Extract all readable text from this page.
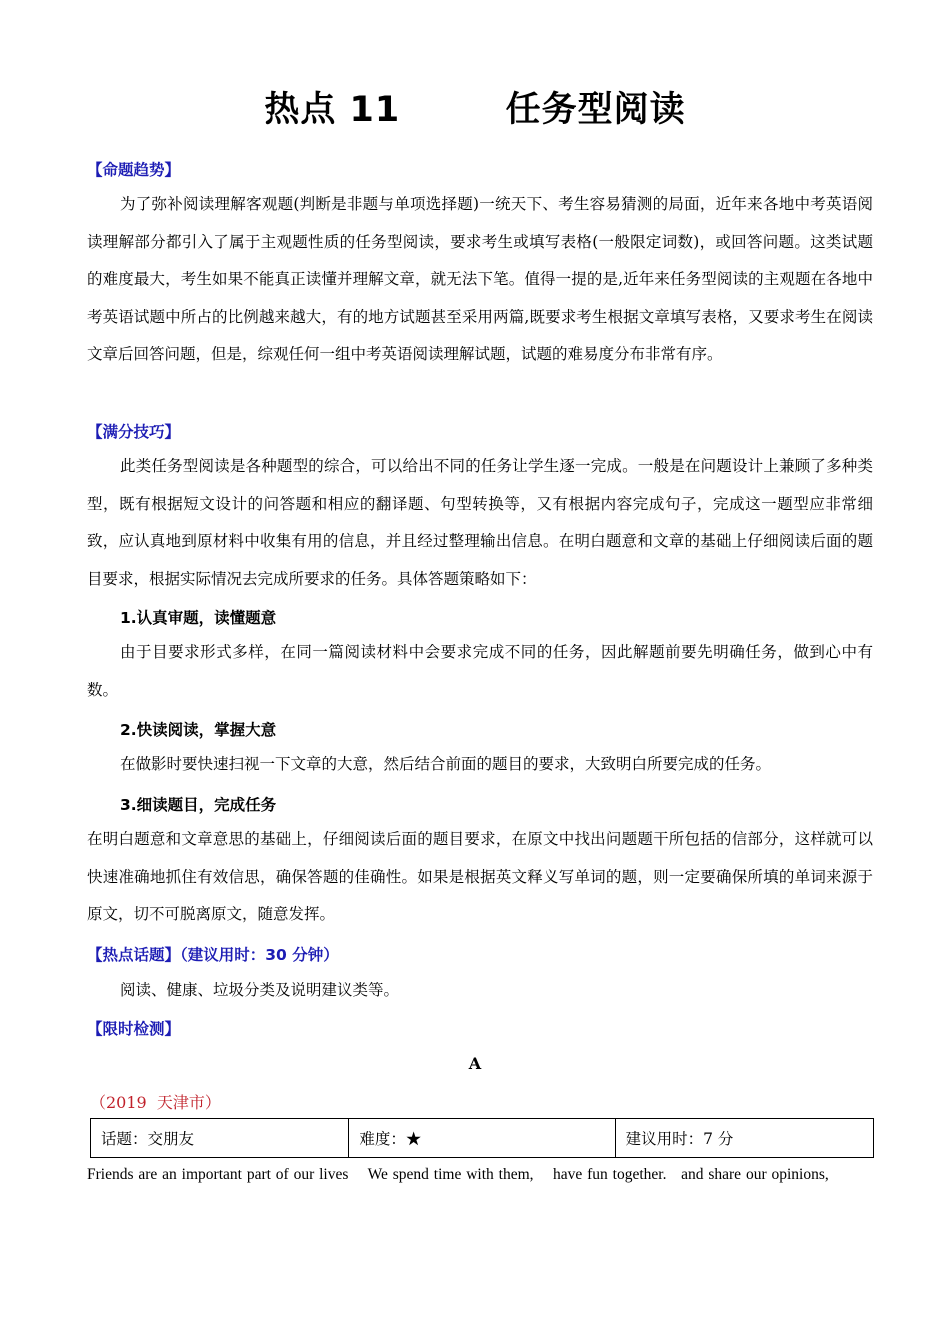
热点 11        任务型阅读
【命题趋势】

为了弥补阅读理解客观题(判断是非题与单项选择题)一统天下、考生容易猜测的局面，近年来各地中考英语阅读理解部分都引入了属于主观题性质的任务型阅读，要求考生或填写表格(一般限定词数)，或回答问题。这类试题的难度最大，考生如果不能真正读懂并理解文章，就无法下笔。值得一提的是,近年来任务型阅读的主观题在各地中考英语试题中所占的比例越来越大，有的地方试题甚至采用两篇,既要求考生根据文章填写表格，又要求考生在阅读文章后回答问题，但是，综观任何一组中考英语阅读理解试题，试题的难易度分布非常有序。

【满分技巧】

此类任务型阅读是各种题型的综合，可以给出不同的任务让学生逐一完成。一般是在问题设计上兼顾了多种类型，既有根据短文设计的问答题和相应的翻译题、句型转换等，又有根据内容完成句子，完成这一题型应非常细致，应认真地到原材料中收集有用的信息，并且经过整理输出信息。在明白题意和文章的基础上仔细阅读后面的题目要求，根据实际情况去完成所要求的任务。具体答题策略如下：

1.认真审题，读懂题意

由于目要求形式多样，在同一篇阅读材料中会要求完成不同的任务，因此解题前要先明确任务，做到心中有数。

2.快读阅读，掌握大意

在做影时要快速扫视一下文章的大意，然后结合前面的题目的要求，大致明白所要完成的任务。

3.细读题目，完成任务

在明白题意和文章意思的基础上，仔细阅读后面的题目要求，在原文中找出问题题干所包括的信部分，这样就可以快速准确地抓住有效信思，确保答题的佳确性。如果是根据英文释义写单词的题，则一定要确保所填的单词来源于原文，切不可脱离原文，随意发挥。

【热点话题】（建议用时：30 分钟）
阅读、健康、垃圾分类及说明建议类等。
【限时检测】
A
（2019  天津市）
话题：交朋友	难度：★	建议用时：7 分
Friends are an important part of our lives    We spend time with them,    have fun together.   and share our opinions,
